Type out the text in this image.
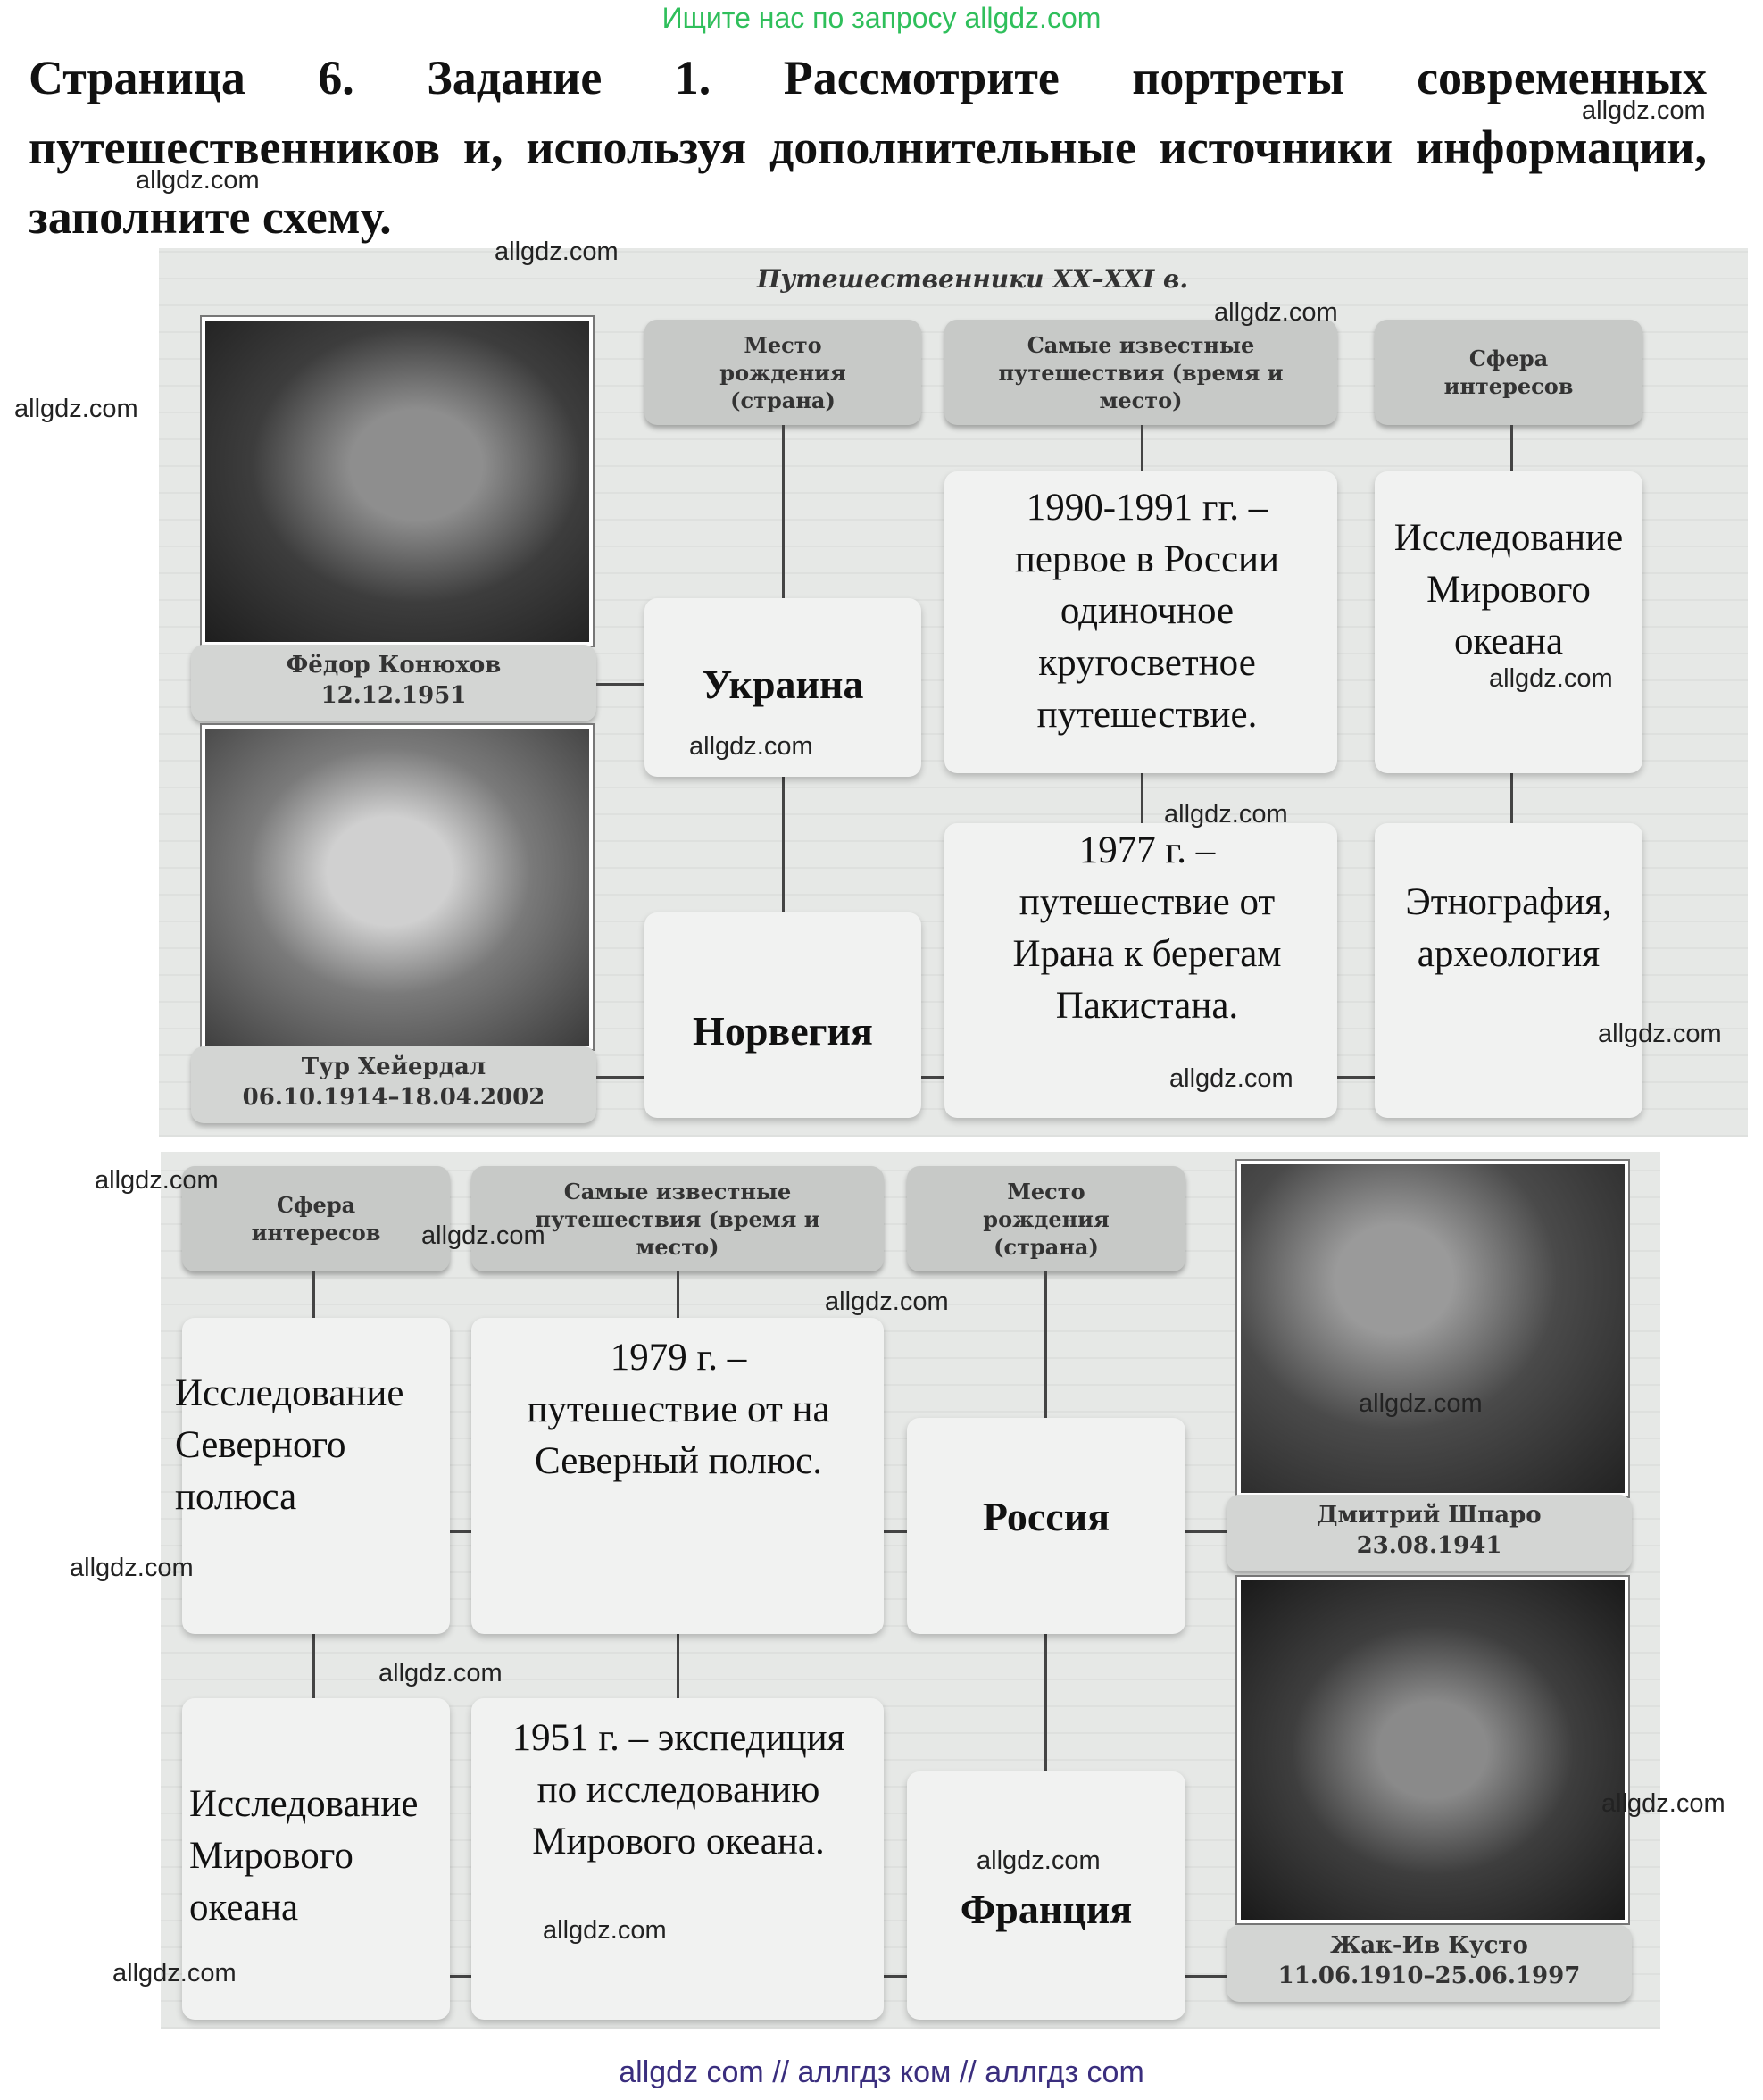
Ищите нас по запросу allgdz.com
Страница 6. Задание 1. Рассмотрите портреты современных путешественников и, используя дополнительные источники информации, заполните схему.
Путешественники XX–XXI в.
Фёдор Конюхов
12.12.1951
Тур Хейердал
06.10.1914–18.04.2002
Место рождения (страна)
Самые известные путешествия (время и место)
Сфера интересов
Украина
1990-1991 гг. – первое в России одиночное кругосветное путешествие.
Исследование Мирового океана
Норвегия
1977 г. – путешествие от Ирана к берегам Пакистана.
Этнография, археология
Сфера интересов
Самые известные путешествия (время и место)
Место рождения (страна)
Дмитрий Шпаро
23.08.1941
Жак-Ив Кусто
11.06.1910–25.06.1997
Исследование Северного полюса
1979 г. – путешествие от на Северный полюс.
Россия
Исследование Мирового океана
1951 г. – экспедиция по исследованию Мирового океана.
Франция
allgdz.com
allgdz.com
allgdz.com
allgdz.com
allgdz.com
allgdz.com
allgdz.com
allgdz.com
allgdz.com
allgdz.com
allgdz.com
allgdz.com
allgdz.com
allgdz.com
allgdz.com
allgdz.com
allgdz.com
allgdz.com
allgdz.com
allgdz.com
allgdz com // аллгдз ком // аллгдз com
